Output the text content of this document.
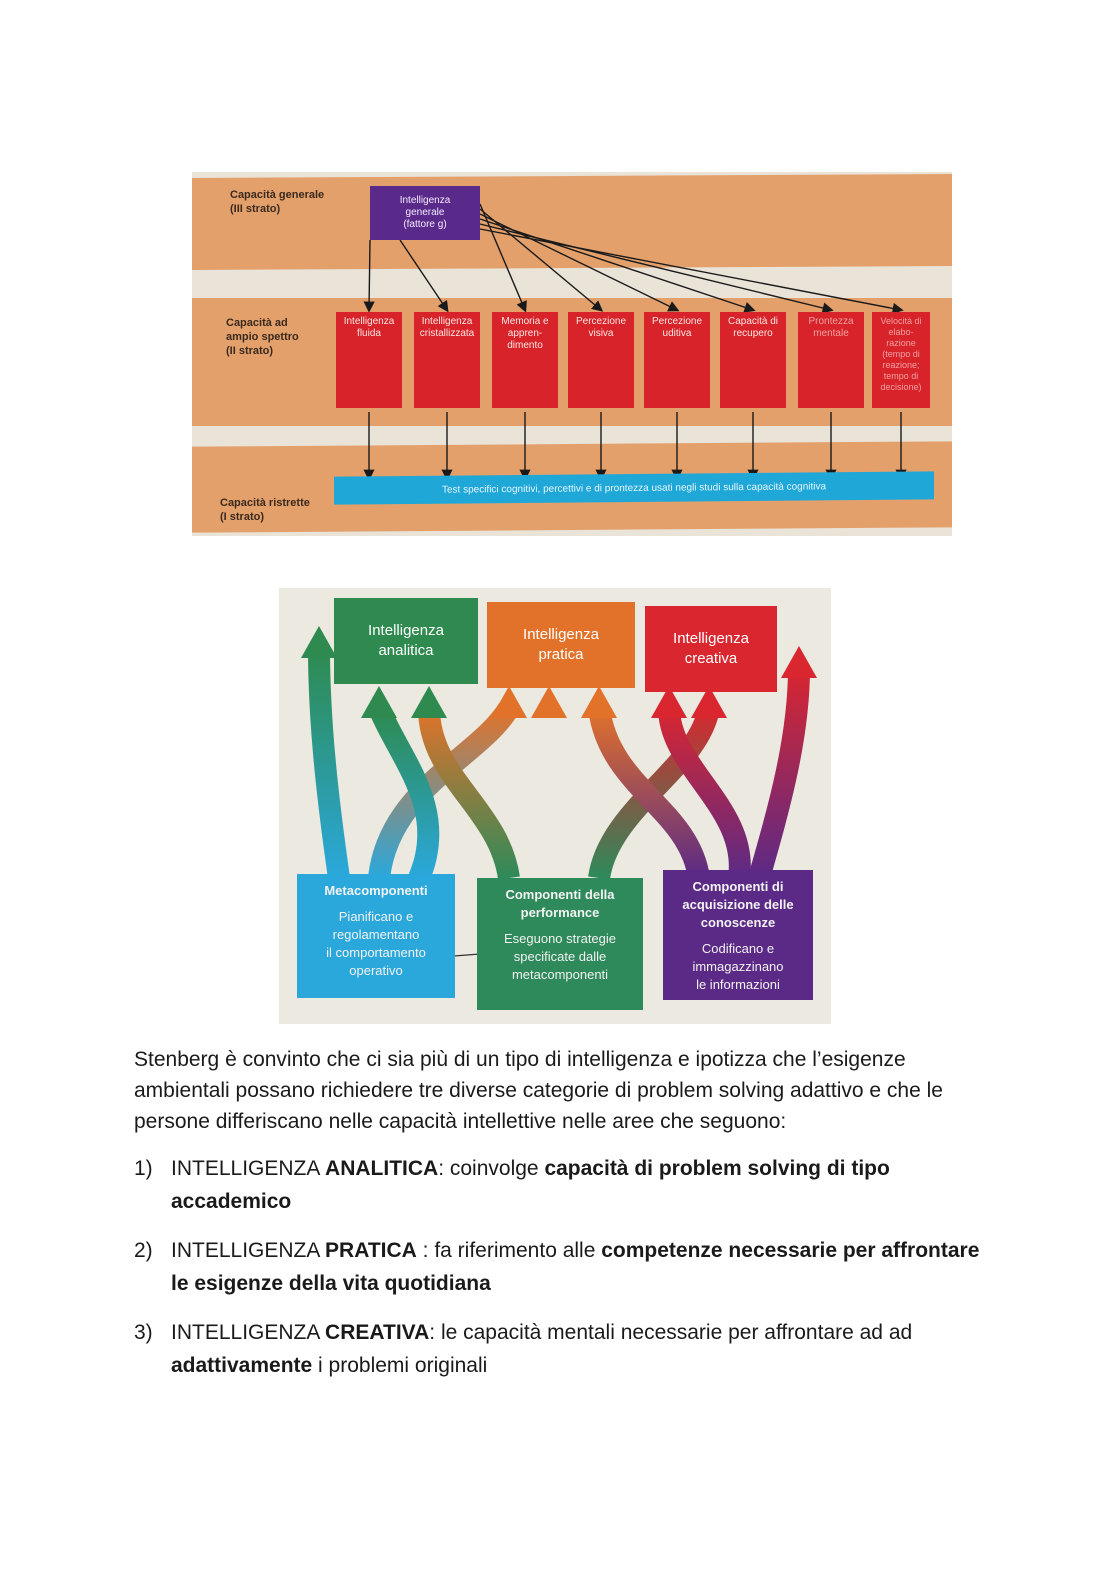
Capacità generale
(III strato)
Capacità ad
ampio spettro
(II strato)
Capacità ristrette
(I strato)
Intelligenza
generale
(fattore g)
Intelligenza
fluida
Intelligenza
cristallizzata
Memoria e
appren-
dimento
Percezione
visiva
Percezione
uditiva
Capacità di
recupero
Prontezza
mentale
Velocità di
elabo-
razione
(tempo di
reazione;
tempo di
decisione)
Test specifici cognitivi, percettivi e di prontezza usati negli studi sulla capacità cognitiva
Intelligenza
analitica
Intelligenza
pratica
Intelligenza
creativa
Metacomponenti
Pianificano e
regolamentano
il comportamento
operativo
Componenti della
performance
Eseguono strategie
specificate dalle
metacomponenti
Componenti di
acquisizione delle
conoscenze
Codificano e
immagazzinano
le informazioni

Stenberg è convinto che ci sia più di un tipo di intelligenza e ipotizza che l’esigenze ambientali possano richiedere tre diverse categorie di problem solving adattivo e che le persone differiscano nelle capacità intellettive nelle aree che seguono:

1) INTELLIGENZA ANALITICA: coinvolge capacità di problem solving di tipo accademico
2) INTELLIGENZA PRATICA : fa riferimento alle competenze necessarie per affrontare le esigenze della vita quotidiana
3) INTELLIGENZA CREATIVA: le capacità mentali necessarie per affrontare ad ad adattivamente i problemi originali
